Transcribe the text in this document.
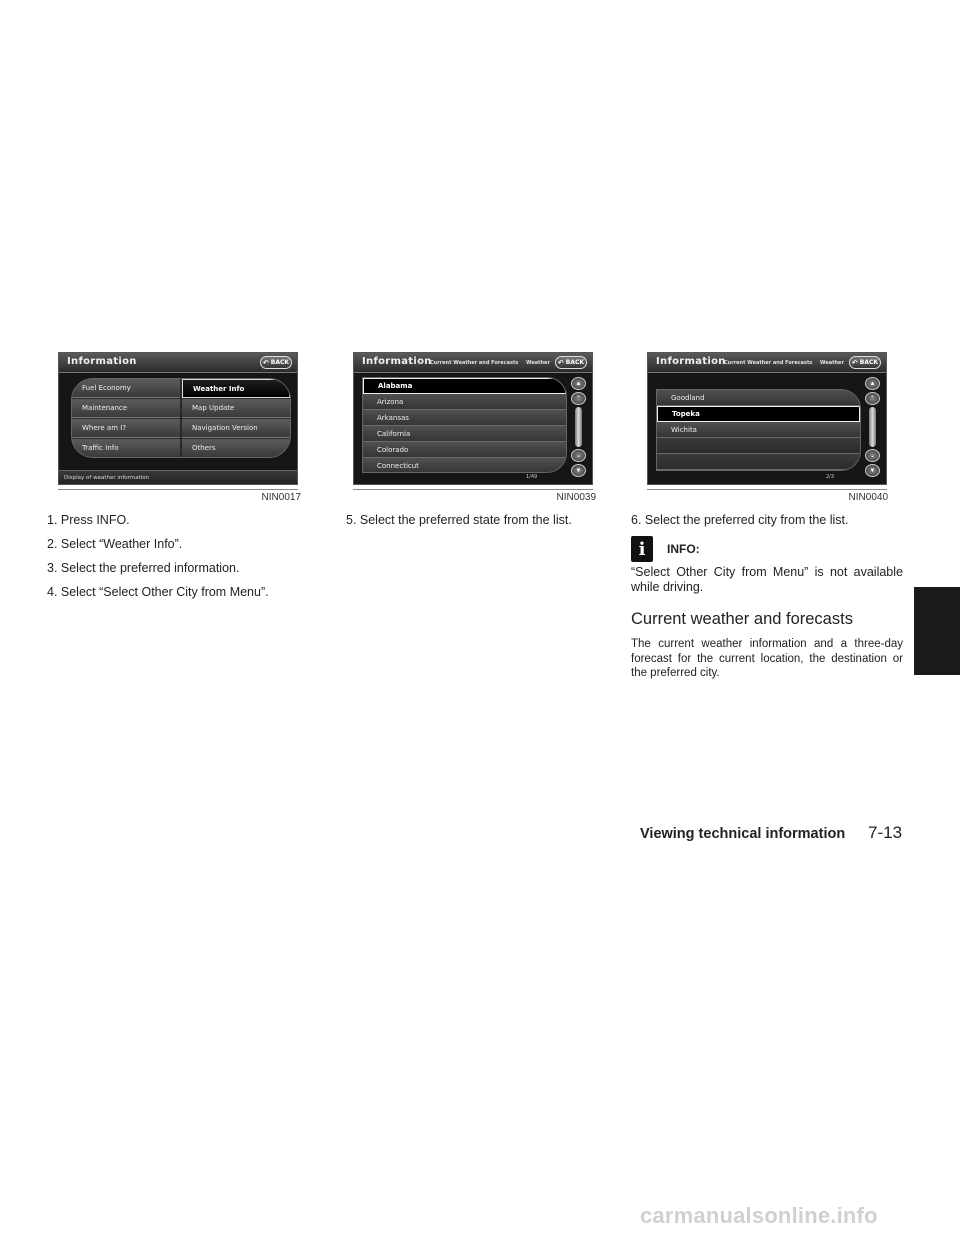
Information	↶ BACK
Fuel Economy
Maintenance
Where am I?
Traffic Info
Weather Info
Map Update
Navigation Version
Others
Display of weather information
Information
Current Weather and Forecasts Weather ↶ BACK
Alabama
Arizona
Arkansas
California
Colorado
Connecticut
▲
⌃
⌄
▼
1/49
Information
Current Weather and Forecasts Weather ↶ BACK
Goodland
Topeka
Wichita
▲
⌃
⌄
▼
2/3
NIN0017	NIN0039	NIN0040

1. Press INFO.

2. Select “Weather Info”.

3. Select the preferred information.

4. Select “Select Other City from Menu”.

5. Select the preferred state from the list.	6. Select the preferred city from the list.

i	INFO:

“Select Other City from Menu” is not available while driving.

Current weather and forecasts

The current weather information and a three-day forecast for the current location, the destination or the preferred city.

Viewing technical information 7-13
carmanualsonline.info
